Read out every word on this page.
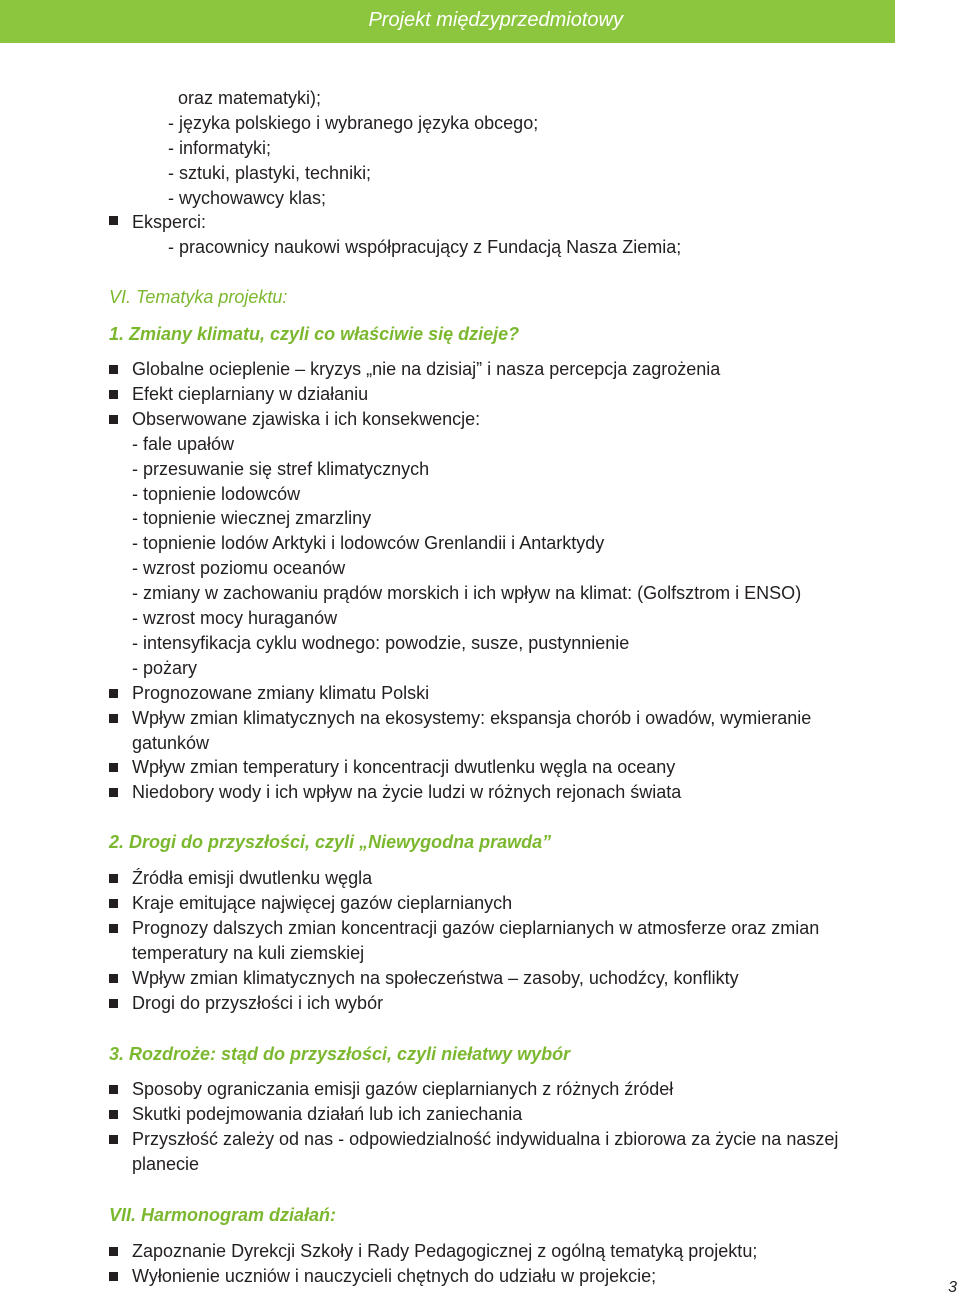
Projekt międzyprzedmiotowy
oraz matematyki);
- języka polskiego i wybranego języka obcego;
- informatyki;
- sztuki, plastyki, techniki;
- wychowawcy klas;
Eksperci:
- pracownicy naukowi współpracujący z Fundacją Nasza Ziemia;
VI. Tematyka projektu:
1. Zmiany klimatu, czyli co właściwie się dzieje?
Globalne ocieplenie – kryzys „nie na dzisiaj” i nasza percepcja zagrożenia
Efekt cieplarniany w działaniu
Obserwowane zjawiska i ich konsekwencje:
- fale upałów
- przesuwanie się stref klimatycznych
- topnienie lodowców
- topnienie wiecznej zmarzliny
- topnienie lodów Arktyki i lodowców Grenlandii i Antarktydy
- wzrost poziomu oceanów
- zmiany w zachowaniu prądów morskich i ich wpływ na klimat: (Golfsztrom i ENSO)
- wzrost mocy huraganów
- intensyfikacja cyklu wodnego: powodzie, susze, pustynnienie
- pożary
Prognozowane zmiany klimatu Polski
Wpływ zmian klimatycznych na ekosystemy: ekspansja chorób i owadów, wymieranie
gatunków
Wpływ zmian temperatury i koncentracji dwutlenku węgla na oceany
Niedobory wody i ich wpływ na życie ludzi w różnych rejonach świata
2. Drogi do przyszłości, czyli „Niewygodna prawda”
Źródła emisji dwutlenku węgla
Kraje emitujące najwięcej gazów cieplarnianych
Prognozy dalszych zmian koncentracji gazów cieplarnianych w atmosferze oraz zmian
temperatury na kuli ziemskiej
Wpływ zmian klimatycznych na społeczeństwa – zasoby, uchodźcy, konflikty
Drogi do przyszłości i ich wybór
3. Rozdroże: stąd do przyszłości, czyli niełatwy wybór
Sposoby ograniczania emisji gazów cieplarnianych z różnych źródeł
Skutki podejmowania działań lub ich zaniechania
Przyszłość zależy od nas - odpowiedzialność indywidualna i zbiorowa za życie na naszej
planecie
VII. Harmonogram działań:
Zapoznanie Dyrekcji Szkoły i Rady Pedagogicznej z ogólną tematyką projektu;
Wyłonienie uczniów i nauczycieli chętnych do udziału w projekcie;
3
